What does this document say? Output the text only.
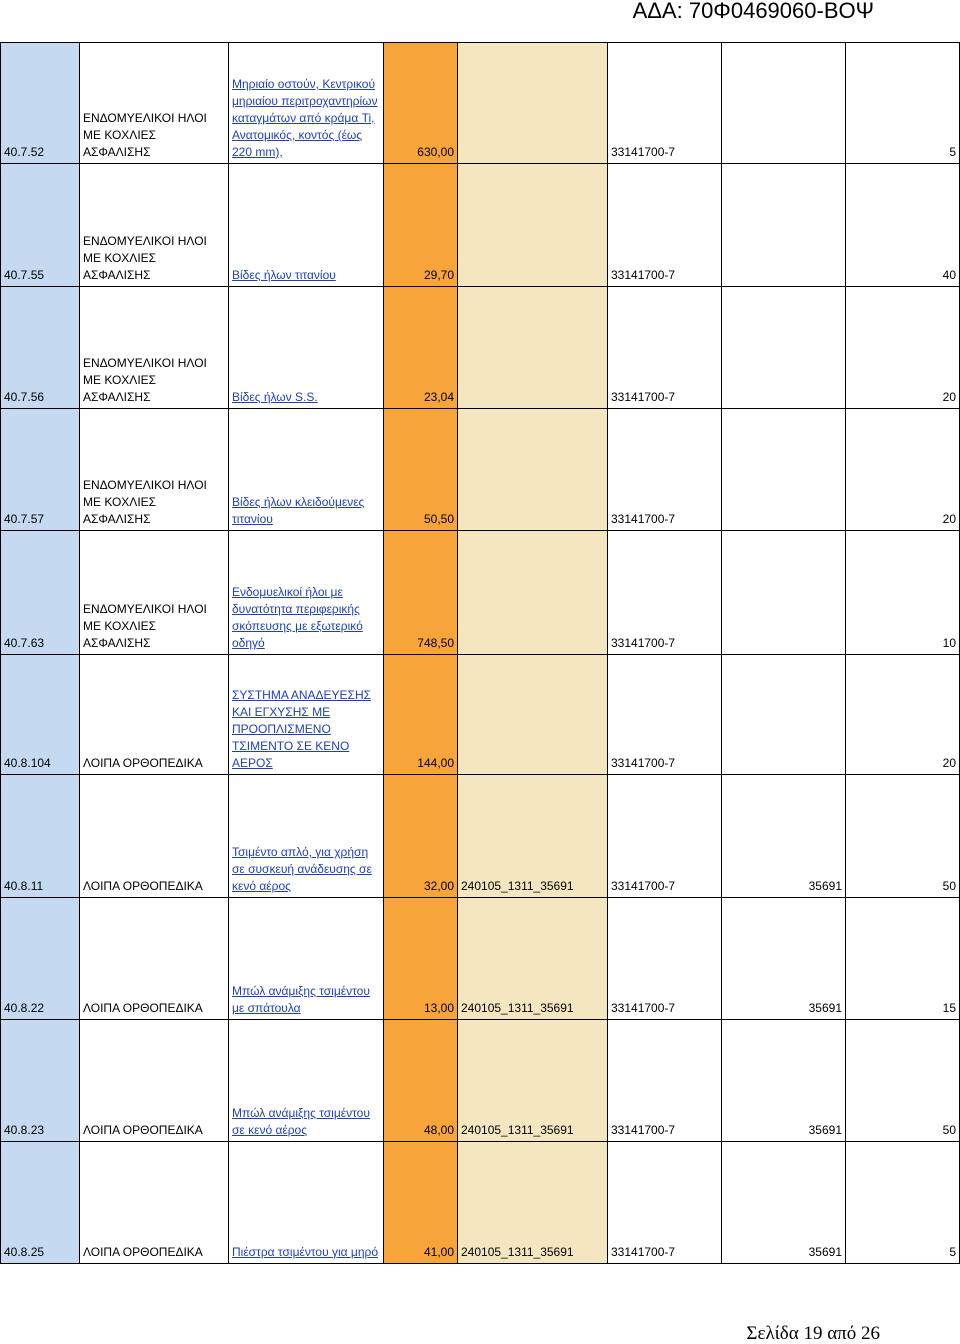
ΑΔΑ: 70Φ0469060-ΒΟΨ
40.7.52	ΕΝΔΟΜΥΕΛΙΚΟΙ ΗΛΟΙ ΜΕ ΚΟΧΛΙΕΣ ΑΣΦΑΛΙΣΗΣ	Μηριαίο οστούν, Κεντρικού μηριαίου περιτροχαντηρίων καταγμάτων από κράμα Ti, Ανατομικός, κοντός (έως 220 mm),	630,00		33141700-7		5
40.7.55	ΕΝΔΟΜΥΕΛΙΚΟΙ ΗΛΟΙ ΜΕ ΚΟΧΛΙΕΣ ΑΣΦΑΛΙΣΗΣ	Βίδες ήλων τιτανίου	29,70		33141700-7		40
40.7.56	ΕΝΔΟΜΥΕΛΙΚΟΙ ΗΛΟΙ ΜΕ ΚΟΧΛΙΕΣ ΑΣΦΑΛΙΣΗΣ	Βίδες ήλων S.S.	23,04		33141700-7		20
40.7.57	ΕΝΔΟΜΥΕΛΙΚΟΙ ΗΛΟΙ ΜΕ ΚΟΧΛΙΕΣ ΑΣΦΑΛΙΣΗΣ	Βίδες ήλων κλειδούμενες τιτανίου	50,50		33141700-7		20
40.7.63	ΕΝΔΟΜΥΕΛΙΚΟΙ ΗΛΟΙ ΜΕ ΚΟΧΛΙΕΣ ΑΣΦΑΛΙΣΗΣ	Ενδομυελικοί ήλοι με δυνατότητα περιφερικής σκόπευσης με εξωτερικό οδηγό	748,50		33141700-7		10
40.8.104	ΛΟΙΠΑ ΟΡΘΟΠΕΔΙΚΑ	ΣΥΣΤΗΜΑ ΑΝΑΔΕΥΕΣΗΣ ΚΑΙ ΕΓΧΥΣΗΣ ΜΕ ΠΡΟΟΠΛΙΣΜΕΝΟ ΤΣΙΜΕΝΤΟ ΣΕ ΚΕΝΟ ΑΕΡΟΣ	144,00		33141700-7		20
40.8.11	ΛΟΙΠΑ ΟΡΘΟΠΕΔΙΚΑ	Τσιμέντο απλό, για χρήση σε συσκευή ανάδευσης σε κενό αέρος	32,00	240105_1311_35691	33141700-7	35691	50
40.8.22	ΛΟΙΠΑ ΟΡΘΟΠΕΔΙΚΑ	Μπώλ ανάμιξης τσιμέντου με σπάτουλα	13,00	240105_1311_35691	33141700-7	35691	15
40.8.23	ΛΟΙΠΑ ΟΡΘΟΠΕΔΙΚΑ	Μπώλ ανάμιξης τσιμέντου σε κενό αέρος	48,00	240105_1311_35691	33141700-7	35691	50
40.8.25	ΛΟΙΠΑ ΟΡΘΟΠΕΔΙΚΑ	Πιέστρα τσιμέντου για μηρό	41,00	240105_1311_35691	33141700-7	35691	5
Σελίδα 19 από 26
